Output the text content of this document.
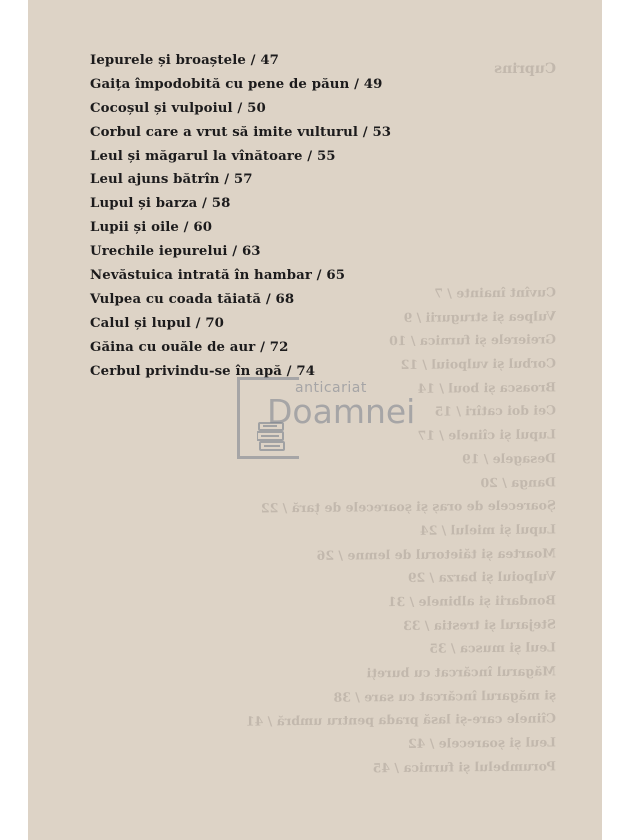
Cuprins
Cuvînt înainte / 7
Vulpea și strugurii / 9
Greierele și furnica / 10
Corbul și vulpoiul / 12
Broasca și boul / 14
Cei doi catîri / 15
Lupul și cîinele / 17
Desagele / 19
Danga / 20
Șoarecele de oraș și șoarecele de țară / 22
Lupul și mielul / 24
Moartea și tăietorul de lemne / 26
Vulpoiul și barza / 29
Bondarii și albinele / 31
Stejarul și trestia / 33
Leul și musca / 35
Măgarul încărcat cu bureți
și măgarul încărcat cu sare / 38
Cîinele care-și lasă prada pentru umbră / 41
Leul și șoarecele / 42
Porumbelul și furnica / 45
Iepurele și broaștele / 47
Gaița împodobită cu pene de păun / 49
Cocoșul și vulpoiul / 50
Corbul care a vrut să imite vulturul / 53
Leul și măgarul la vînătoare / 55
Leul ajuns bătrîn / 57
Lupul și barza / 58
Lupii și oile / 60
Urechile iepurelui / 63
Nevăstuica intrată în hambar / 65
Vulpea cu coada tăiată / 68
Calul și lupul / 70
Găina cu ouăle de aur / 72
Cerbul privindu-se în apă / 74
anticariat
Doamnei
